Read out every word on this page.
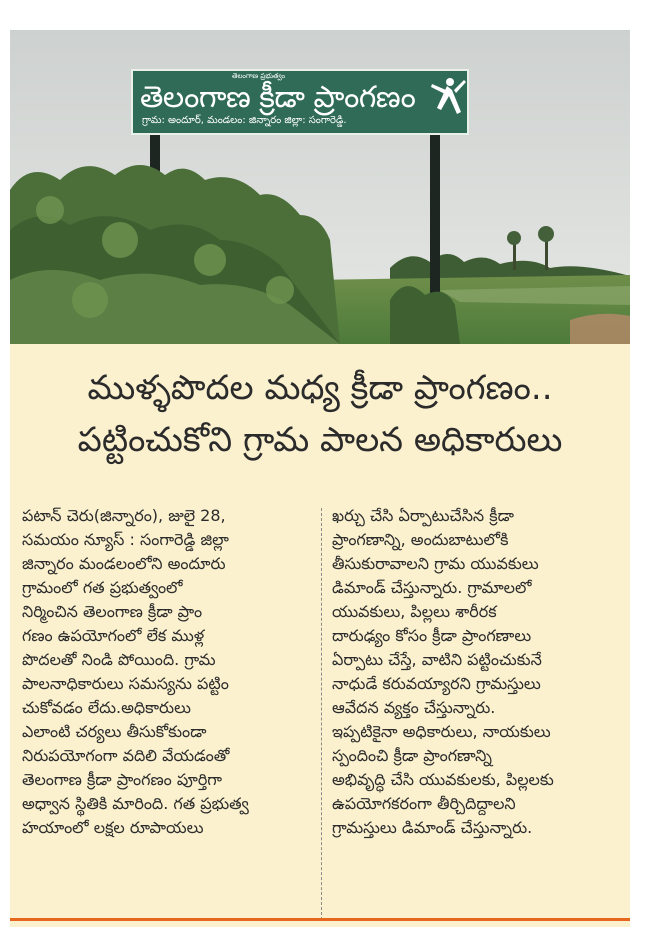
తెలంగాణ ప్రభుత్వం
తెలంగాణ క్రీడా ప్రాంగణం
గ్రామ: అందూర్, మండలం: జిన్నారం జిల్లా: సంగారెడ్డి.
ముళ్ళపొదల మధ్య క్రీడా ప్రాంగణం..
పట్టించుకోని గ్రామ పాలన అధికారులు

పటాన్ చెరు(జిన్నారం), జులై 28,

సమయం న్యూస్ : సంగారెడ్డి జిల్లా

జిన్నారం మండలంలోని అందూరు

గ్రామంలో గత ప్రభుత్వంలో

నిర్మించిన తెలంగాణ క్రీడా ప్రాం

గణం ఉపయోగంలో లేక ముళ్ల

పొదలతో నిండి పోయింది. గ్రామ

పాలనాధికారులు సమస్యను పట్టిం

చుకోవడం లేదు.అధికారులు

ఎలాంటి చర్యలు తీసుకోకుండా

నిరుపయోగంగా వదిలి వేయడంతో

తెలంగాణ క్రీడా ప్రాంగణం పూర్తిగా

అధ్వాన స్థితికి మారింది. గత ప్రభుత్వ

హయాంలో లక్షల రూపాయలు

ఖర్చు చేసి ఏర్పాటుచేసిన క్రీడా

ప్రాంగణాన్ని, అందుబాటులోకి

తీసుకురావాలని గ్రామ యువకులు

డిమాండ్ చేస్తున్నారు. గ్రామాలలో

యువకులు, పిల్లలు శారీరక

దారుఢ్యం కోసం క్రీడా ప్రాంగణాలు

ఏర్పాటు చేస్తే, వాటిని పట్టించుకునే

నాధుడే కరువయ్యారని గ్రామస్తులు

ఆవేదన వ్యక్తం చేస్తున్నారు.

ఇప్పటికైనా అధికారులు, నాయకులు

స్పందించి క్రీడా ప్రాంగణాన్ని

అభివృద్ధి చేసి యువకులకు, పిల్లలకు

ఉపయోగకరంగా తీర్చిదిద్దాలని

గ్రామస్తులు డిమాండ్ చేస్తున్నారు.
